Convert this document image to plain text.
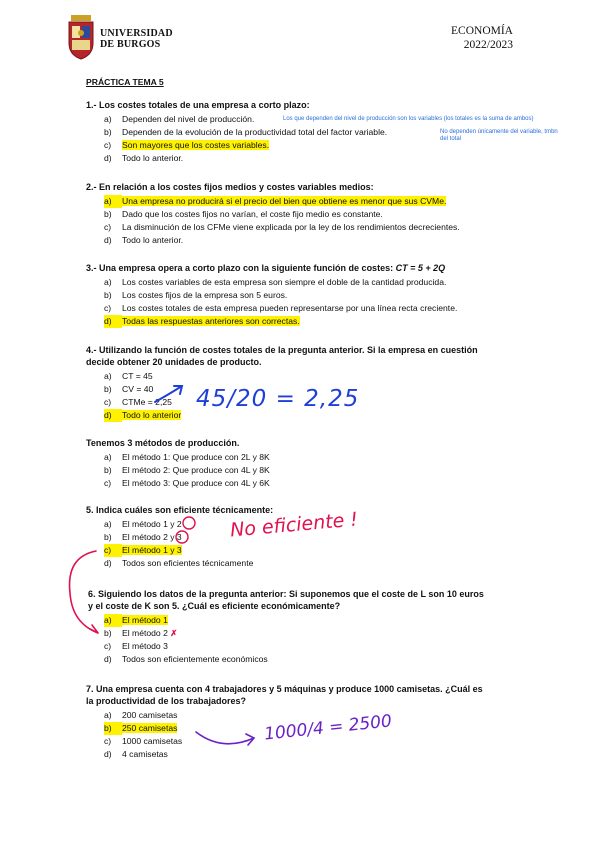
UNIVERSIDAD
DE BURGOS
ECONOMÍA
2022/2023
PRÁCTICA TEMA 5
1.- Los costes totales de una empresa a corto plazo:
a) Dependen del nivel de producción.
b) Dependen de la evolución de la productividad total del factor variable.
c) Son mayores que los costes variables.
d) Todo lo anterior.
Los que dependen del nivel de producción son los variables (los totales es la suma de ambos)
No dependen únicamente del variable, tmbn
del total
2.- En relación a los costes fijos medios y costes variables medios:
a) Una empresa no producirá si el precio del bien que obtiene es menor que sus CVMe.
b) Dado que los costes fijos no varían, el coste fijo medio es constante.
c) La disminución de los CFMe viene explicada por la ley de los rendimientos decrecientes.
d) Todo lo anterior.
3.- Una empresa opera a corto plazo con la siguiente función de costes: CT = 5 + 2Q
a) Los costes variables de esta empresa son siempre el doble de la cantidad producida.
b) Los costes fijos de la empresa son 5 euros.
c) Los costes totales de esta empresa pueden representarse por una línea recta creciente.
d) Todas las respuestas anteriores son correctas.
4.- Utilizando la función de costes totales de la pregunta anterior. Si la empresa en cuestión
decide obtener 20 unidades de producto.
a) CT = 45
b) CV = 40
c) CTMe = 2,25
d) Todo lo anterior
45/20 = 2,25
Tenemos 3 métodos de producción.
a) El método 1: Que produce con 2L y 8K
b) El método 2: Que produce con 4L y 8K
c) El método 3: Que produce con 4L y 6K
5. Indica cuáles son eficiente técnicamente:
a) El método 1 y 2
b) El método 2 y 3
c) El método 1 y 3
d) Todos son eficientes técnicamente
No eficiente !
6. Siguiendo los datos de la pregunta anterior: Si suponemos que el coste de L son 10 euros
y el coste de K son 5. ¿Cuál es eficiente económicamente?
a) El método 1
b) El método 2 ✗
c) El método 3
d) Todos son eficientemente económicos
7. Una empresa cuenta con 4 trabajadores y 5 máquinas y produce 1000 camisetas. ¿Cuál es
la productividad de los trabajadores?
a) 200 camisetas
b) 250 camisetas
c) 1000 camisetas
d) 4 camisetas
1000/4 = 2500
